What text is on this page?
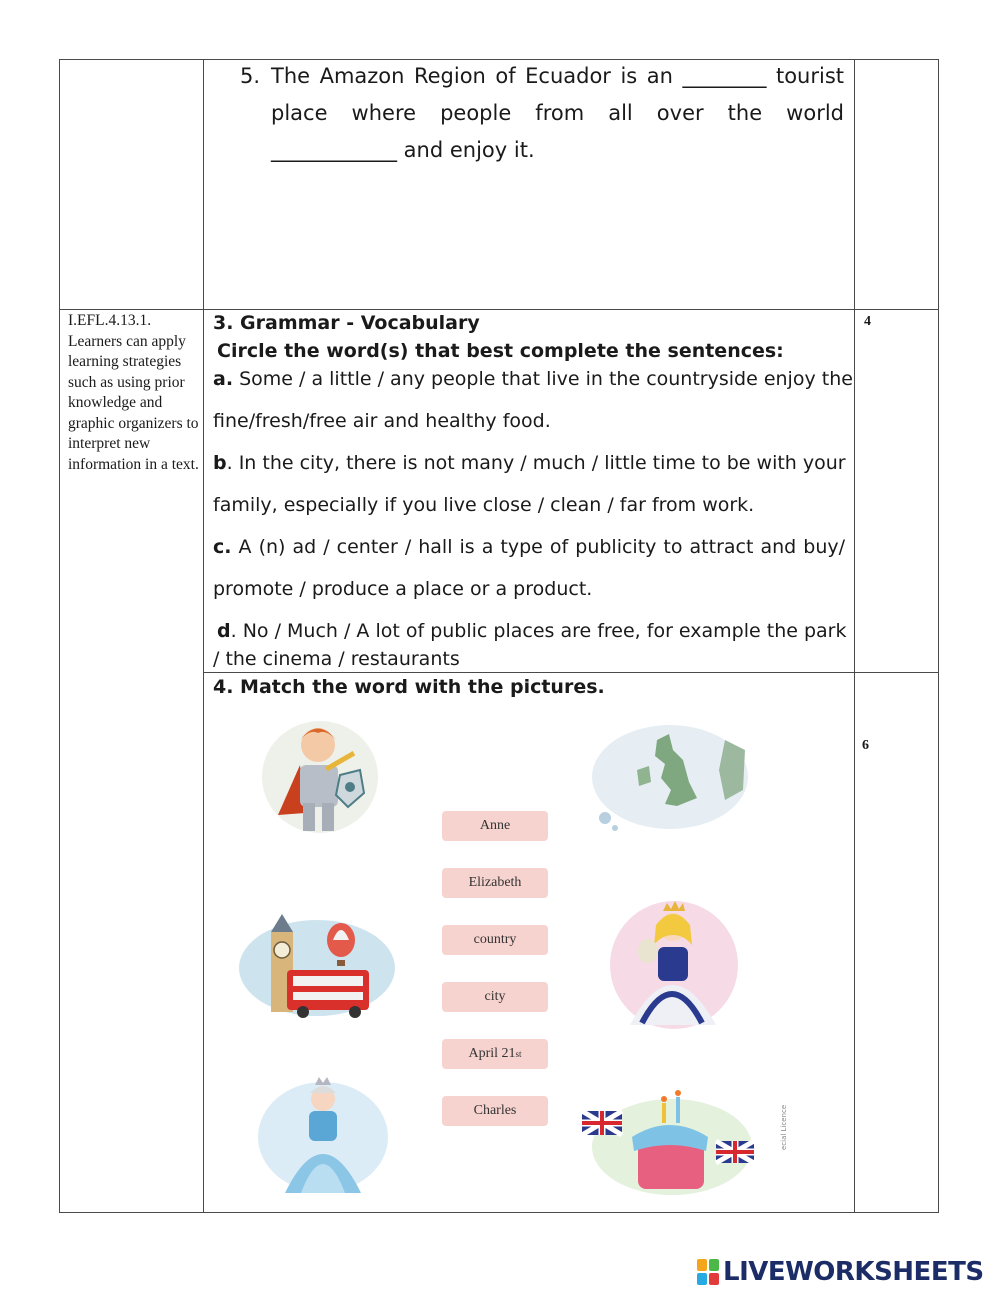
5. The Amazon Region of Ecuador is an ________ tourist
place where people from all over the world
____________ and enjoy it.
I.EFL.4.13.1. Learners can apply learning strategies such as using prior knowledge and graphic organizers to interpret new information in a text.
3. Grammar - Vocabulary
Circle the word(s) that best complete the sentences:
4
a. Some / a little / any people that live in the countryside enjoy the
fine/fresh/free air and healthy food.
b. In the city, there is not many / much / little time to be with your
family, especially if you live close / clean / far from work.
c. A (n) ad / center / hall is a type of publicity to attract and buy/
promote / produce a place or a product.
d. No / Much / A lot of public places are free, for example the park
/ the cinema / restaurants
4. Match the word with the pictures.
6
Anne
Elizabeth
country
city
April 21 st
Charles	ecial Licence
LIVEWORKSHEETS
